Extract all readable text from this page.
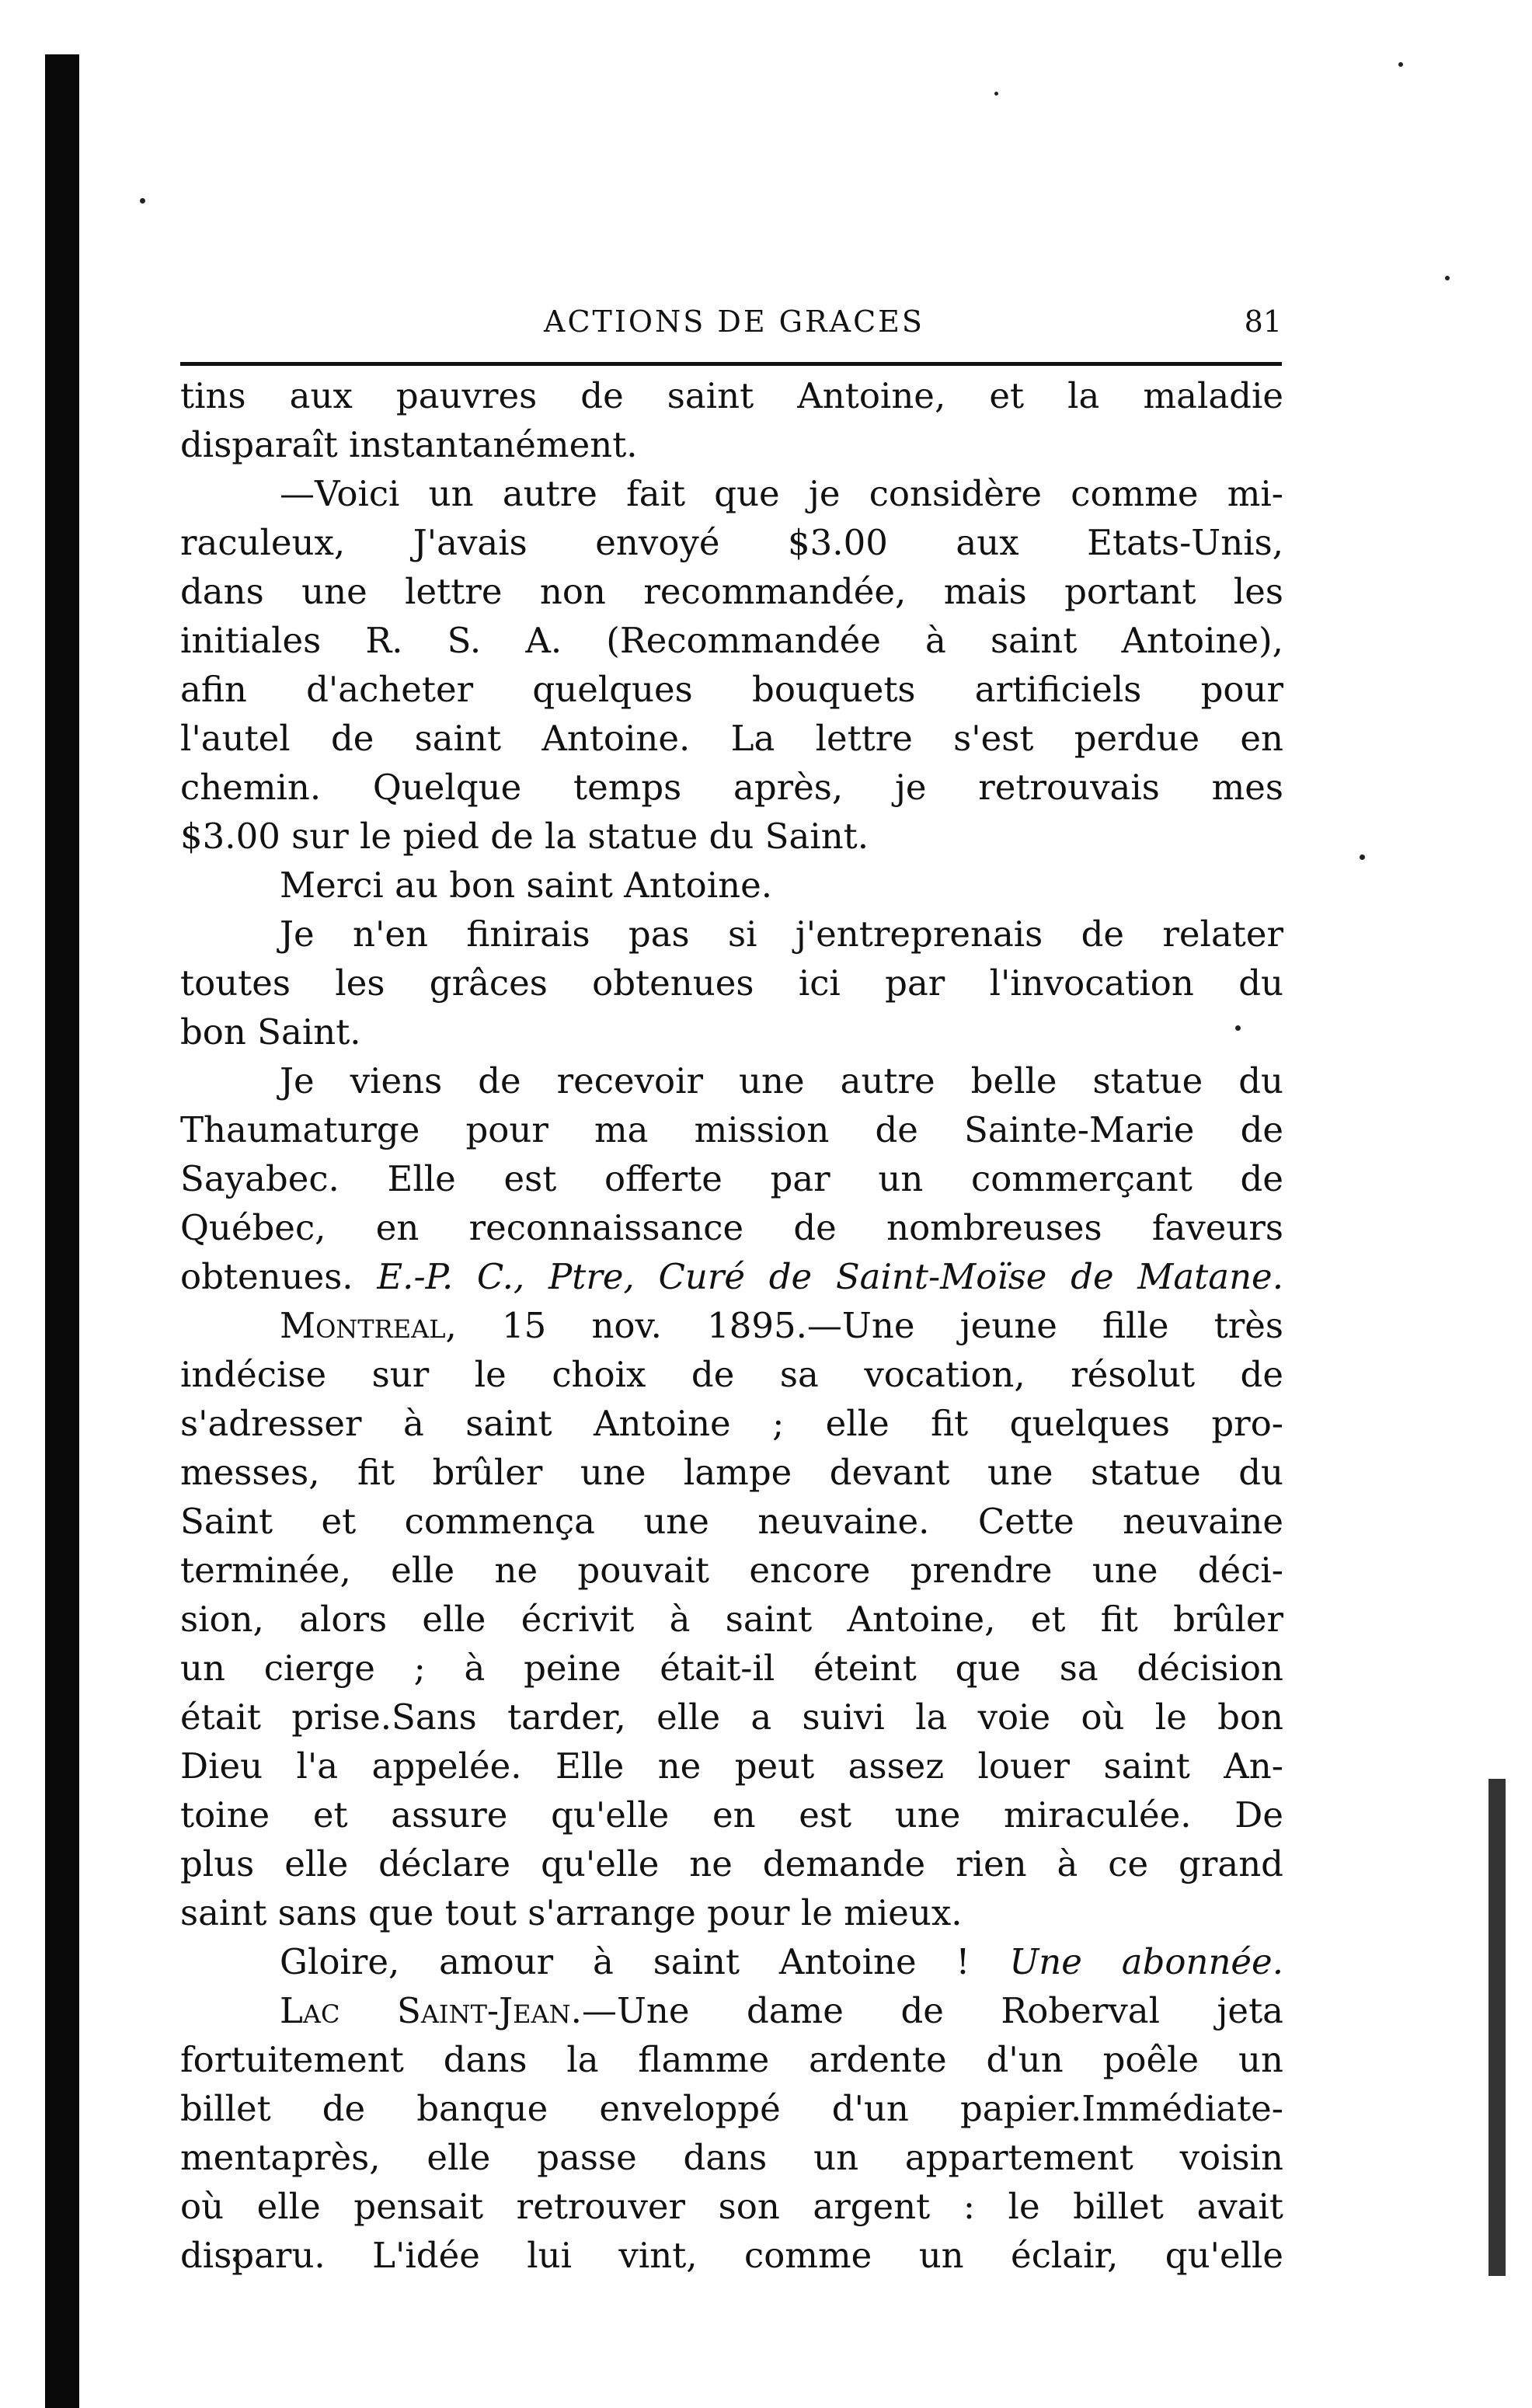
ACTIONS DE GRACES	81
tins aux pauvres de saint Antoine, et la maladie
disparaît instantanément.
—Voici un autre fait que je considère comme mi-
raculeux, J'avais envoyé $3.00 aux Etats-Unis,
dans une lettre non recommandée, mais portant les
initiales R. S. A. (Recommandée à saint Antoine),
afin d'acheter quelques bouquets artificiels pour
l'autel de saint Antoine. La lettre s'est perdue en
chemin. Quelque temps après, je retrouvais mes
$3.00 sur le pied de la statue du Saint.
Merci au bon saint Antoine.
Je n'en finirais pas si j'entreprenais de relater
toutes les grâces obtenues ici par l'invocation du
bon Saint.
Je viens de recevoir une autre belle statue du
Thaumaturge pour ma mission de Sainte-Marie de
Sayabec. Elle est offerte par un commerçant de
Québec, en reconnaissance de nombreuses faveurs
obtenues. E.-P. C., Ptre, Curé de Saint-Moïse de Matane.
Montreal, 15 nov. 1895.—Une jeune fille très
indécise sur le choix de sa vocation, résolut de
s'adresser à saint Antoine ; elle fit quelques pro-
messes, fit brûler une lampe devant une statue du
Saint et commença une neuvaine. Cette neuvaine
terminée, elle ne pouvait encore prendre une déci-
sion, alors elle écrivit à saint Antoine, et fit brûler
un cierge ; à peine était-il éteint que sa décision
était prise.Sans tarder, elle a suivi la voie où le bon
Dieu l'a appelée. Elle ne peut assez louer saint An-
toine et assure qu'elle en est une miraculée. De
plus elle déclare qu'elle ne demande rien à ce grand
saint sans que tout s'arrange pour le mieux.
Gloire, amour à saint Antoine ! Une abonnée.
Lac Saint-Jean.—Une dame de Roberval jeta
fortuitement dans la flamme ardente d'un poêle un
billet de banque enveloppé d'un papier.Immédiate-
mentaprès, elle passe dans un appartement voisin
où elle pensait retrouver son argent : le billet avait
disparu. L'idée lui vint, comme un éclair, qu'elle
